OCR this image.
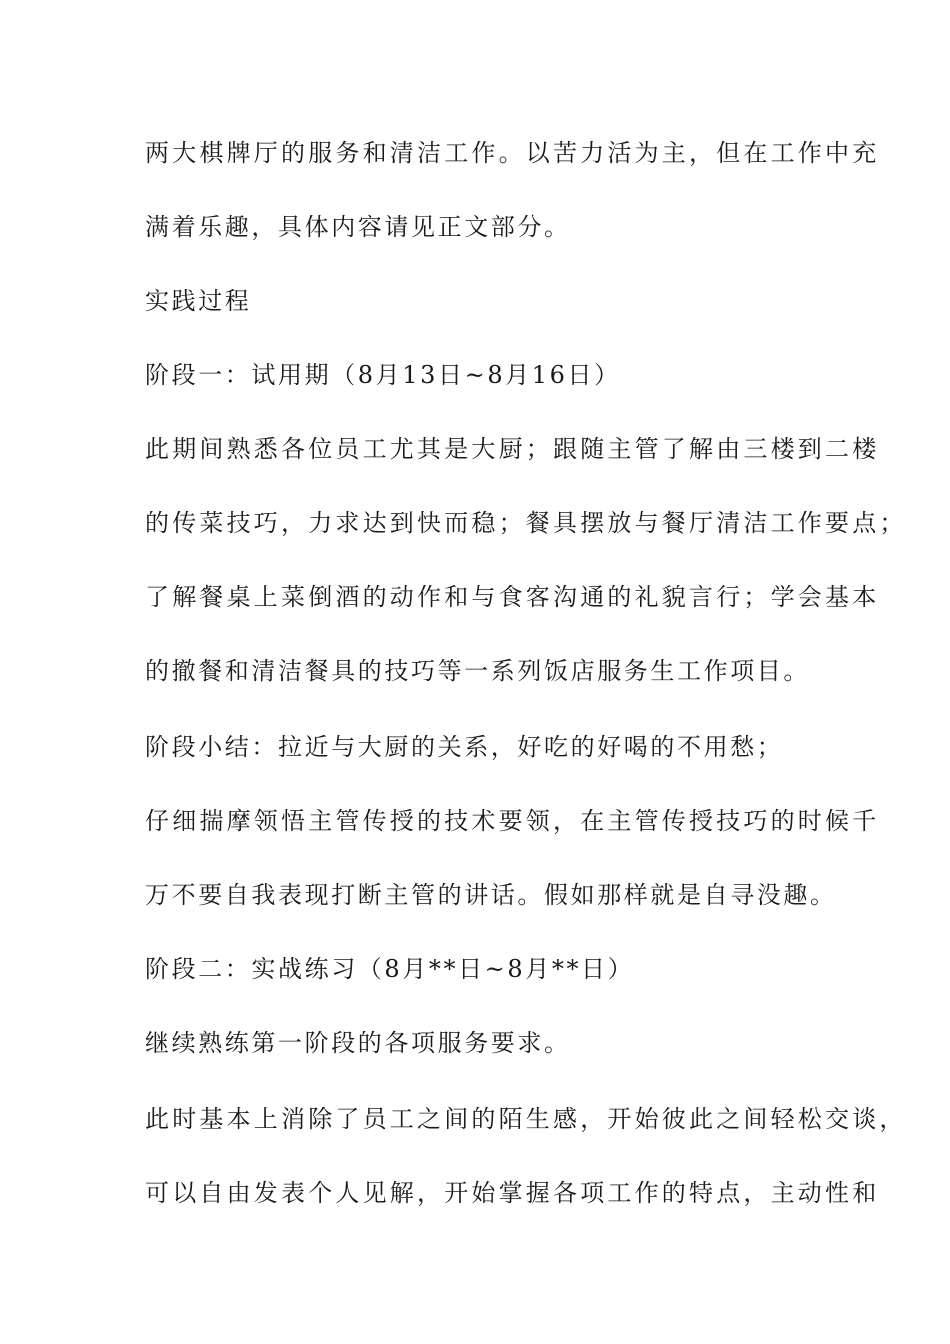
两大棋牌厅的服务和清洁工作。以苦力活为主，但在工作中充
满着乐趣，具体内容请见正文部分。
实践过程
阶段一：试用期（8月13日~8月16日）
此期间熟悉各位员工尤其是大厨；跟随主管了解由三楼到二楼
的传菜技巧，力求达到快而稳；餐具摆放与餐厅清洁工作要点；
了解餐桌上菜倒酒的动作和与食客沟通的礼貌言行；学会基本
的撤餐和清洁餐具的技巧等一系列饭店服务生工作项目。
阶段小结：拉近与大厨的关系，好吃的好喝的不用愁；
仔细揣摩领悟主管传授的技术要领，在主管传授技巧的时候千
万不要自我表现打断主管的讲话。假如那样就是自寻没趣。
阶段二：实战练习（8月**日~8月**日）
继续熟练第一阶段的各项服务要求。
此时基本上消除了员工之间的陌生感，开始彼此之间轻松交谈，
可以自由发表个人见解，开始掌握各项工作的特点，主动性和
